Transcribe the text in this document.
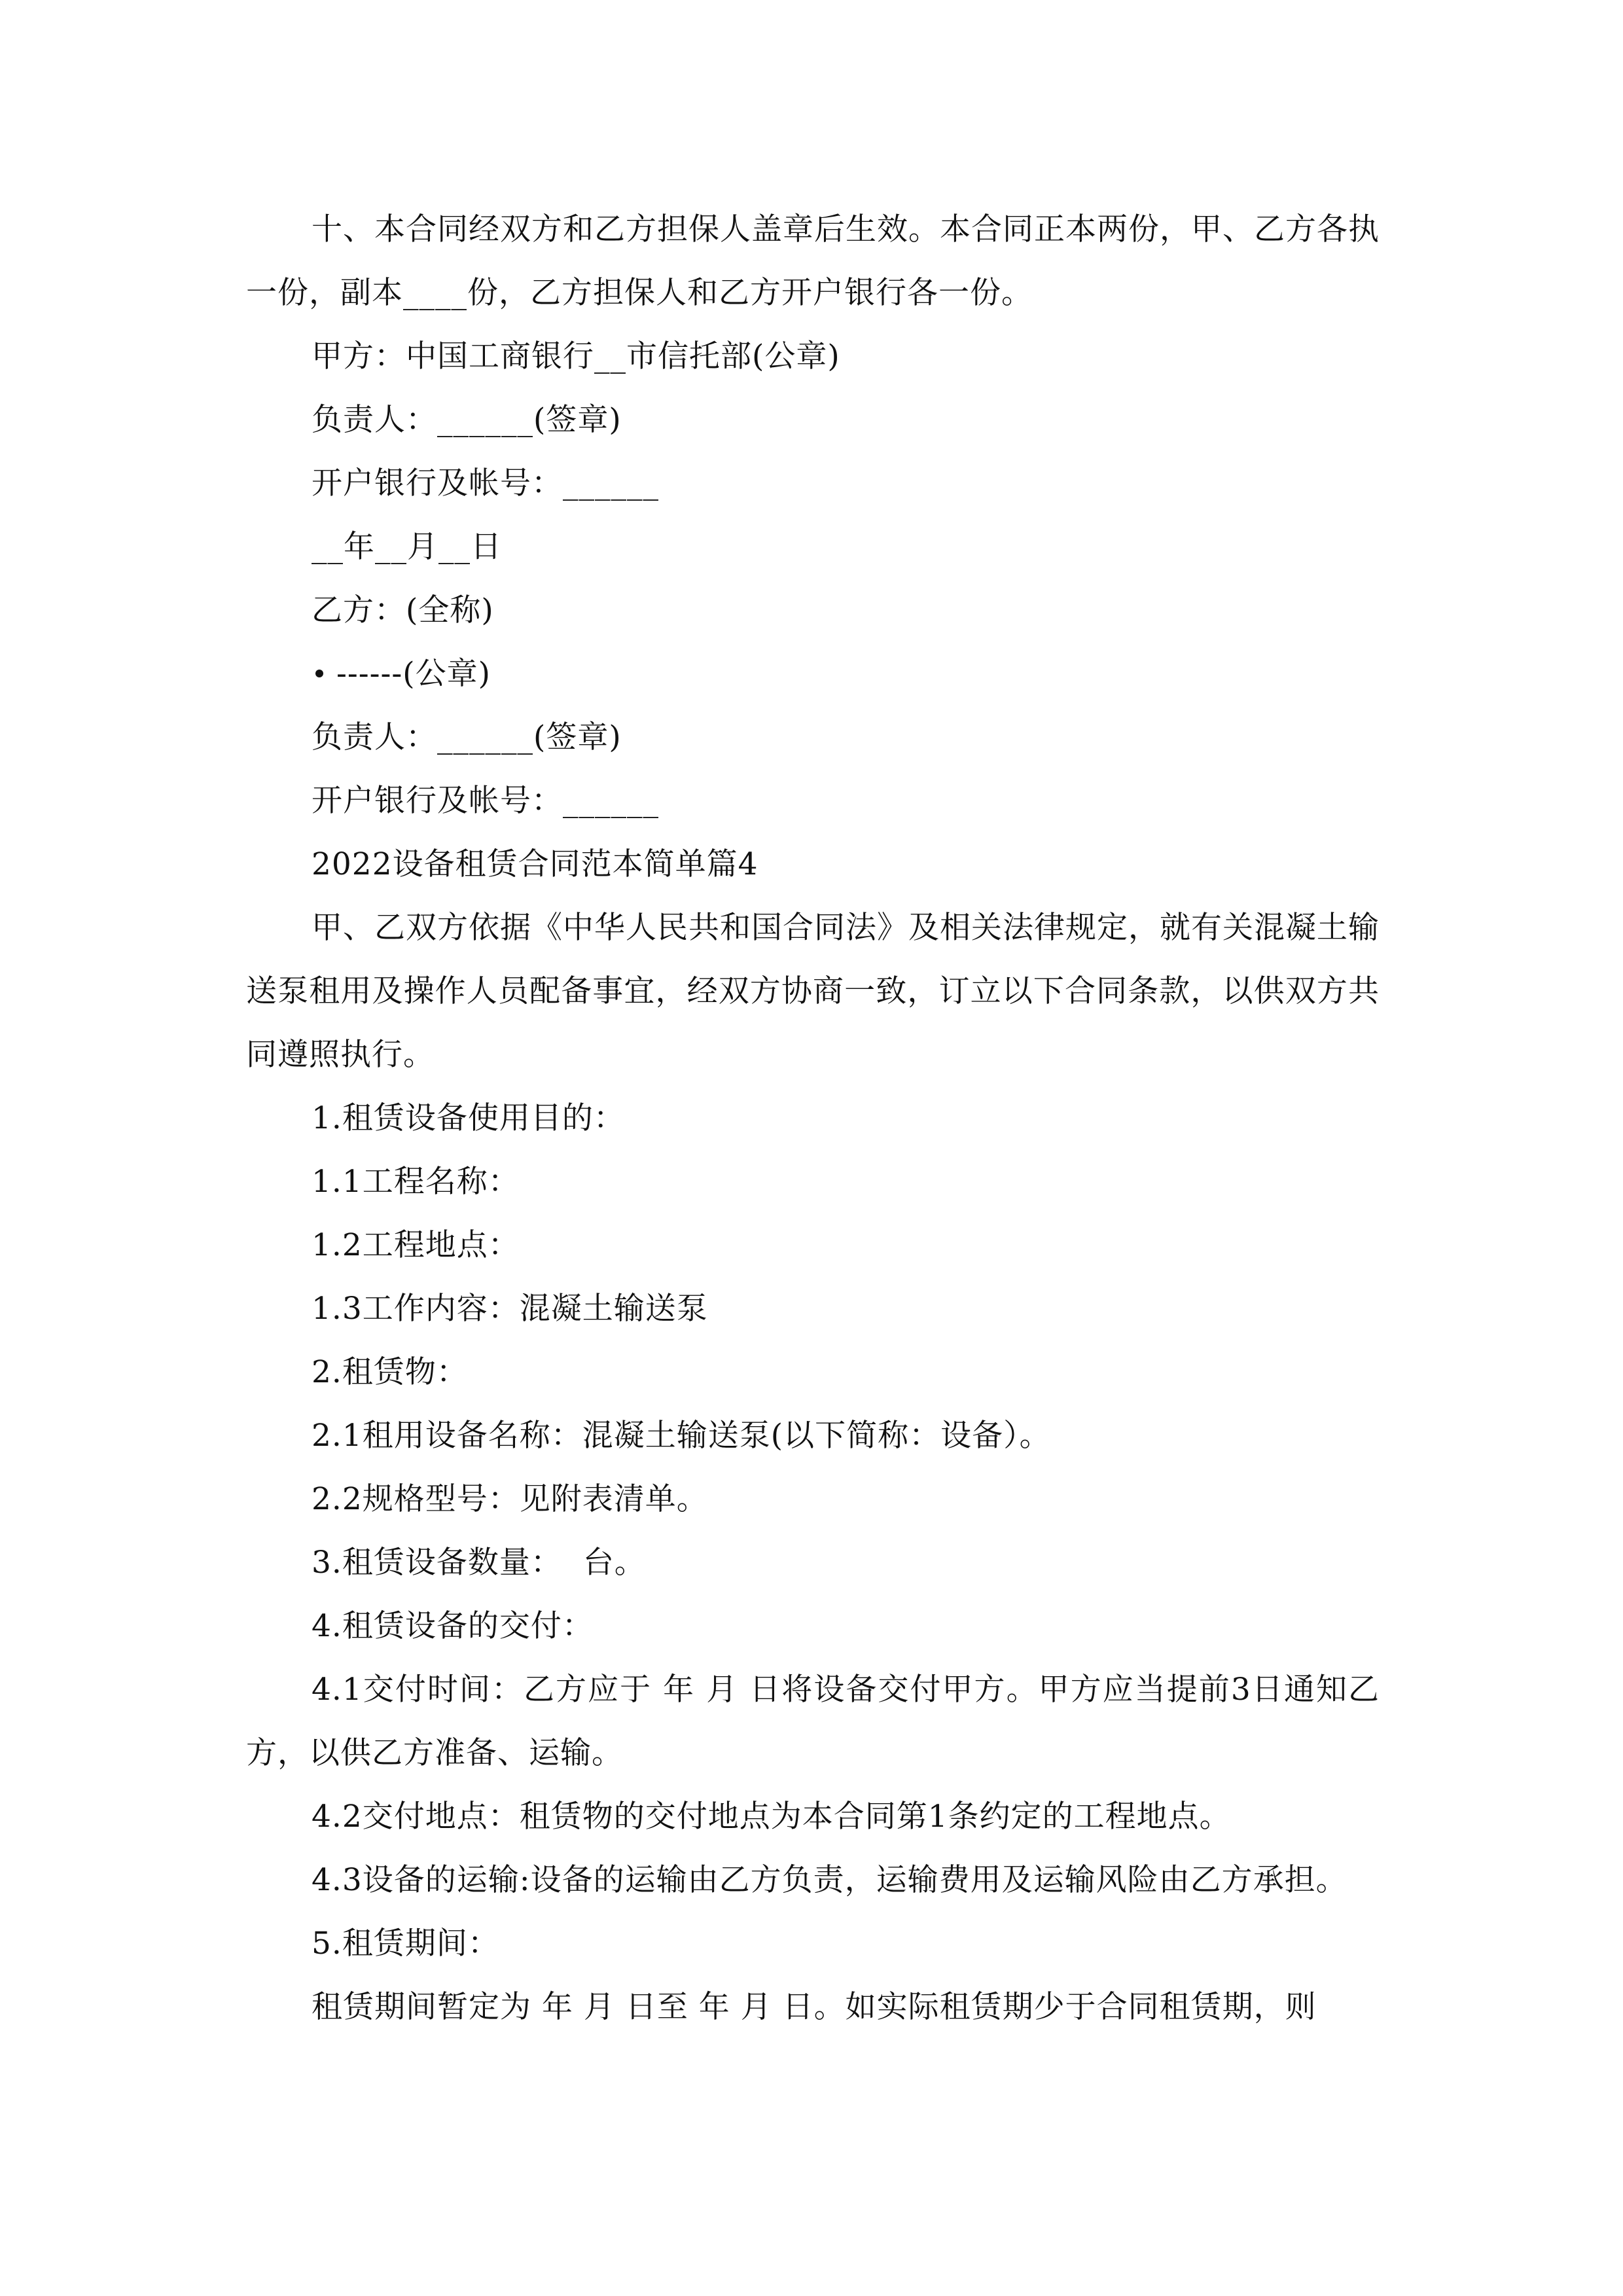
十、本合同经双方和乙方担保人盖章后生效。本合同正本两份，甲、乙方各执一份，副本____份，乙方担保人和乙方开户银行各一份。

甲方：中国工商银行__市信托部(公章)

负责人：______(签章)

开户银行及帐号：______

__年__月__日

乙方：(全称)

------(公章)

负责人：______(签章)

开户银行及帐号：______

2022设备租赁合同范本简单篇4

甲、乙双方依据《中华人民共和国合同法》及相关法律规定，就有关混凝土输送泵租用及操作人员配备事宜，经双方协商一致，订立以下合同条款，以供双方共同遵照执行。

1.租赁设备使用目的：

1.1工程名称：

1.2工程地点：

1.3工作内容：混凝土输送泵

2.租赁物：

2.1租用设备名称：混凝土输送泵(以下简称：设备）。

2.2规格型号：见附表清单。

3.租赁设备数量：  台。

4.租赁设备的交付：

4.1交付时间：乙方应于 年 月 日将设备交付甲方。甲方应当提前3日通知乙方，以供乙方准备、运输。

4.2交付地点：租赁物的交付地点为本合同第1条约定的工程地点。

4.3设备的运输:设备的运输由乙方负责，运输费用及运输风险由乙方承担。

5.租赁期间：

租赁期间暂定为 年 月 日至 年 月 日。如实际租赁期少于合同租赁期，则
